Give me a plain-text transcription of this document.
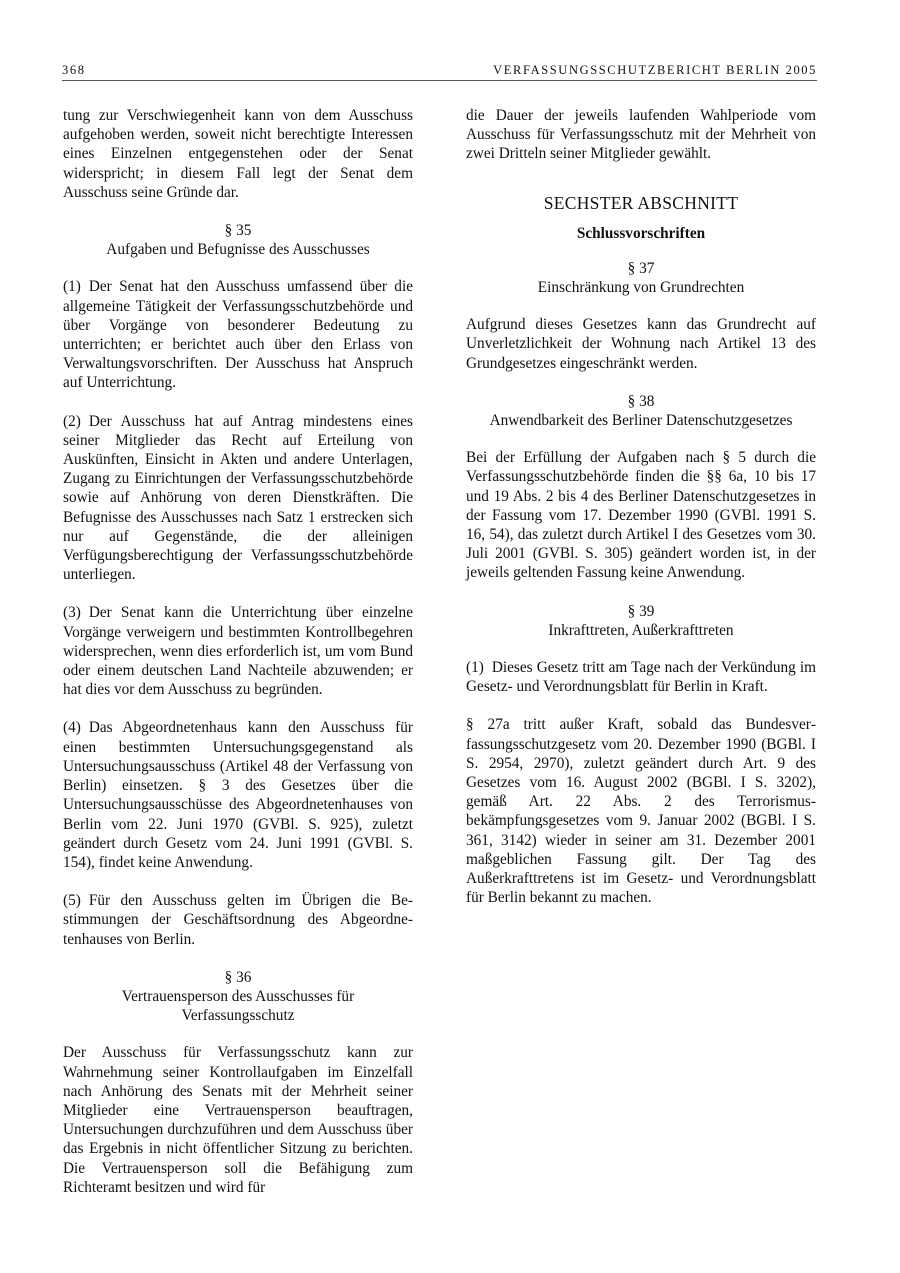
368	VERFASSUNGSSCHUTZBERICHT BERLIN 2005

tung zur Verschwiegenheit kann von dem Ausschuss aufgehoben werden, soweit nicht berechtigte Interessen eines Einzelnen entgegenstehen oder der Senat widerspricht; in diesem Fall legt der Senat dem Ausschuss seine Gründe dar.

§ 35
Aufgaben und Befugnisse des Ausschusses

(1) Der Senat hat den Ausschuss umfassend über die allgemeine Tätigkeit der Verfassungsschutzbehörde und über Vorgänge von besonderer Bedeutung zu unterrichten; er berichtet auch über den Erlass von Verwaltungsvorschriften. Der Ausschuss hat Anspruch auf Unterrichtung.

(2) Der Ausschuss hat auf Antrag mindestens eines seiner Mitglieder das Recht auf Erteilung von Auskünften, Einsicht in Akten und andere Unterlagen, Zugang zu Einrichtungen der Verfassungsschutzbehörde sowie auf Anhörung von deren Dienstkräften. Die Befugnisse des Ausschusses nach Satz 1 erstrecken sich nur auf Gegenstände, die der alleinigen Verfügungsberechtigung der Verfassungsschutzbehörde unterliegen.

(3) Der Senat kann die Unterrichtung über einzelne Vorgänge verweigern und bestimmten Kontrollbegehren widersprechen, wenn dies erforderlich ist, um vom Bund oder einem deutschen Land Nachteile abzuwenden; er hat dies vor dem Ausschuss zu begründen.

(4) Das Abgeordnetenhaus kann den Ausschuss für einen bestimmten Untersuchungsgegenstand als Untersuchungsausschuss (Artikel 48 der Verfassung von Berlin) einsetzen. § 3 des Gesetzes über die Untersuchungsausschüsse des Abgeordnetenhauses von Berlin vom 22. Juni 1970 (GVBl. S. 925), zuletzt geändert durch Gesetz vom 24. Juni 1991 (GVBl. S. 154), findet keine Anwendung.

(5) Für den Ausschuss gelten im Übrigen die Bestimmungen der Geschäftsordnung des Abgeordnetenhauses von Berlin.

§ 36
Vertrauensperson des Ausschusses für
Verfassungsschutz

Der Ausschuss für Verfassungsschutz kann zur Wahrnehmung seiner Kontrollaufgaben im Einzelfall nach Anhörung des Senats mit der Mehrheit seiner Mitglieder eine Vertrauensperson beauftragen, Untersuchungen durchzuführen und dem Ausschuss über das Ergebnis in nicht öffentlicher Sitzung zu berichten. Die Vertrauensperson soll die Befähigung zum Richteramt besitzen und wird für

die Dauer der jeweils laufenden Wahlperiode vom Ausschuss für Verfassungsschutz mit der Mehrheit von zwei Dritteln seiner Mitglieder gewählt.

SECHSTER ABSCHNITT
Schlussvorschriften
§ 37
Einschränkung von Grundrechten

Aufgrund dieses Gesetzes kann das Grundrecht auf Unverletzlichkeit der Wohnung nach Artikel 13 des Grundgesetzes eingeschränkt werden.

§ 38
Anwendbarkeit des Berliner Datenschutzgesetzes

Bei der Erfüllung der Aufgaben nach § 5 durch die Verfassungsschutzbehörde finden die §§ 6a, 10 bis 17 und 19 Abs. 2 bis 4 des Berliner Datenschutzgesetzes in der Fassung vom 17. Dezember 1990 (GVBl. 1991 S. 16, 54), das zuletzt durch Artikel I des Gesetzes vom 30. Juli 2001 (GVBl. S. 305) geändert worden ist, in der jeweils geltenden Fassung keine Anwendung.

§ 39
Inkrafttreten, Außerkrafttreten

(1) Dieses Gesetz tritt am Tage nach der Verkündung im Gesetz- und Verordnungsblatt für Berlin in Kraft.

§ 27a tritt außer Kraft, sobald das Bundesverfassungsschutzgesetz vom 20. Dezember 1990 (BGBl. I S. 2954, 2970), zuletzt geändert durch Art. 9 des Gesetzes vom 16. August 2002 (BGBl. I S. 3202), gemäß Art. 22 Abs. 2 des Terrorismusbekämpfungsgesetzes vom 9. Januar 2002 (BGBl. I S. 361, 3142) wieder in seiner am 31. Dezember 2001 maßgeblichen Fassung gilt. Der Tag des Außerkrafttretens ist im Gesetz- und Verordnungsblatt für Berlin bekannt zu machen.
